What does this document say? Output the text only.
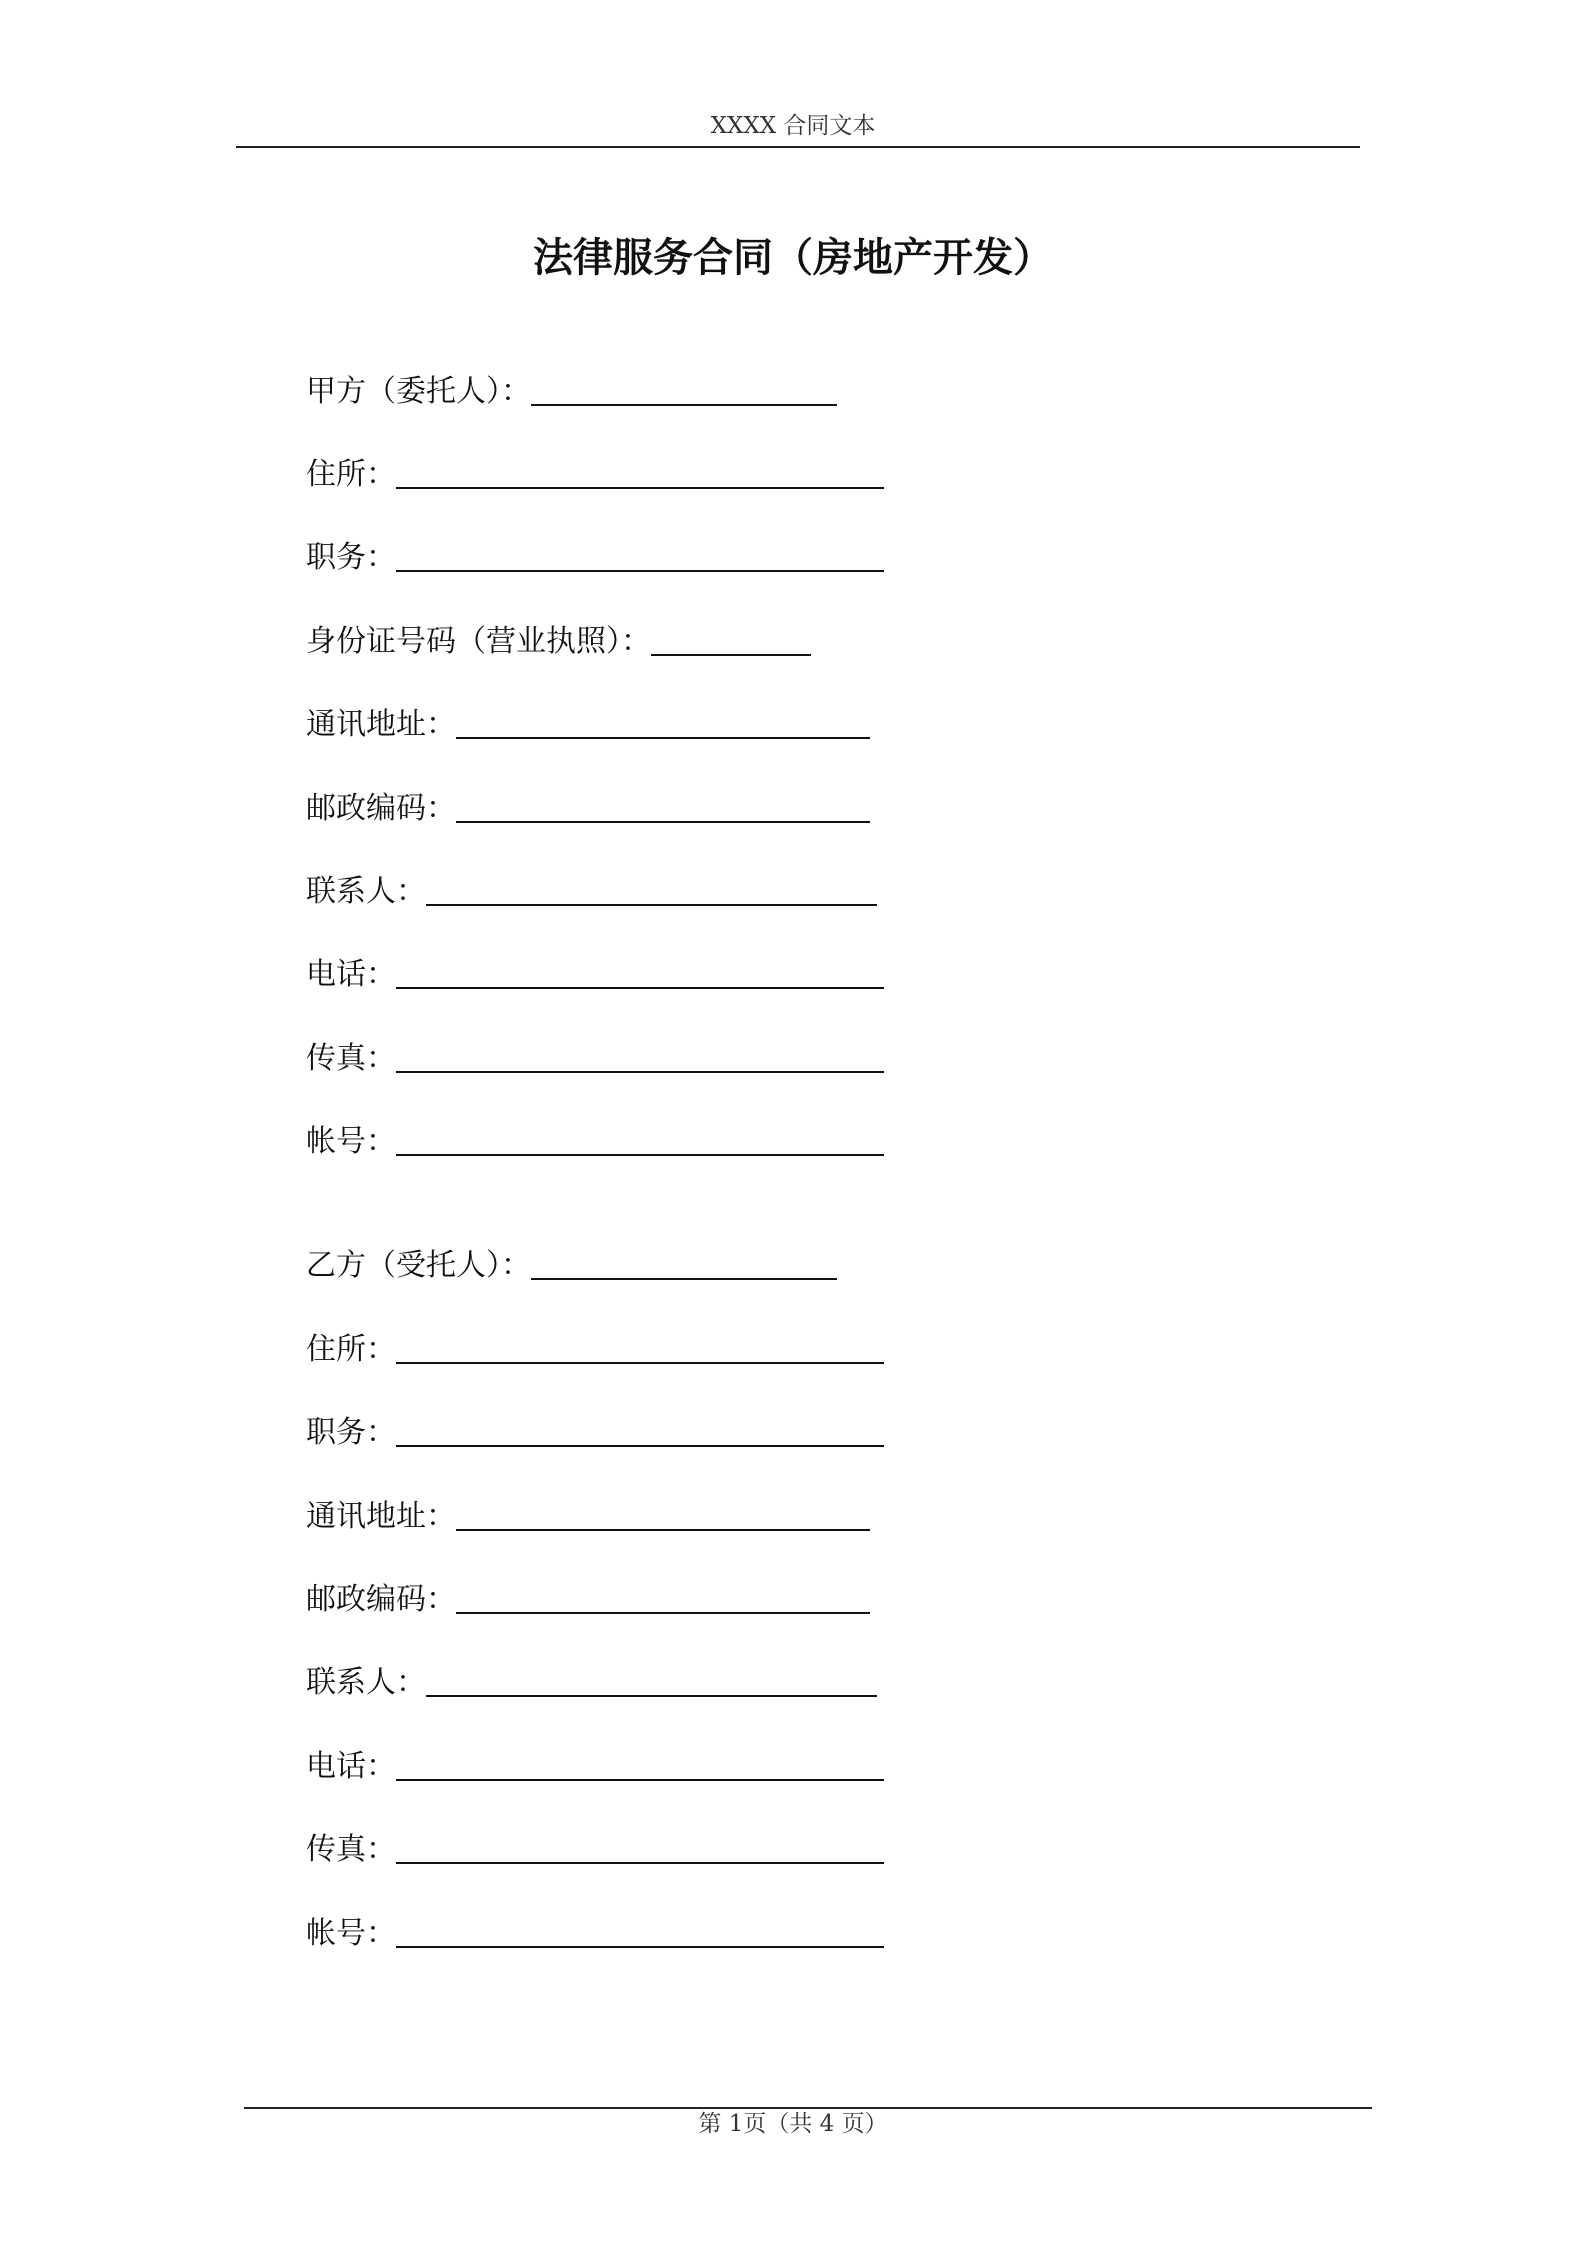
XXXX 合同文本
法律服务合同（房地产开发）
甲方（委托人）：
住所：
职务：
身份证号码（营业执照）：
通讯地址：
邮政编码：
联系人：
电话：
传真：
帐号：
乙方（受托人）：
住所：
职务：
通讯地址：
邮政编码：
联系人：
电话：
传真：
帐号：
第 1页（共 4 页）
